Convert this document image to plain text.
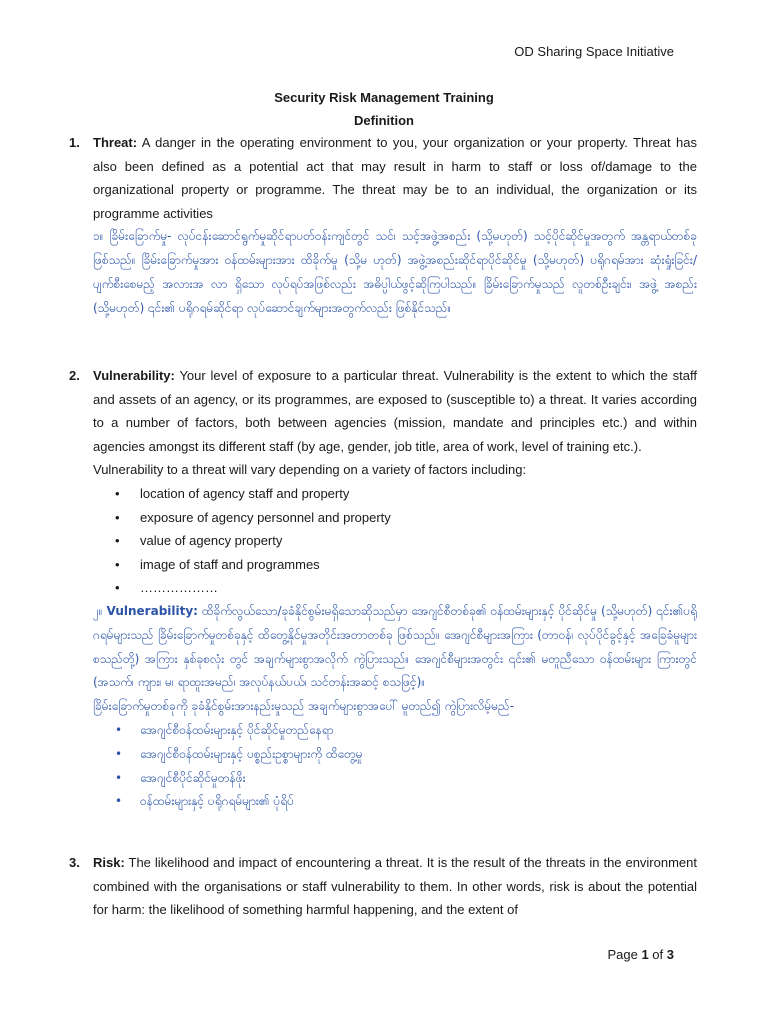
OD Sharing Space Initiative
Security Risk Management Training
Definition
1. Threat: A danger in the operating environment to you, your organization or your property. Threat has also been defined as a potential act that may result in harm to staff or loss of/damage to the organizational property or programme. The threat may be to an individual, the organization or its programme activities
၁။ ခြိမ်းခြောက်မှု- လုပ်ငန်းဆောင်ရွက်မှုဆိုင်ရာပတ်ဝန်းကျင်တွင် သင်၊ သင့်အဖွဲ့အစည်း (သို့မဟုတ်) သင့်ပိုင်ဆိုင်မှုအတွက် အန္တရာယ်တစ်ခုဖြစ်သည်။ ခြိမ်းခြောက်မှုအား ဝန်ထမ်းများအား ထိခိုက်မှု (သို့မ ဟုတ်) အဖွဲ့အစည်းဆိုင်ရာပိုင်ဆိုင်မှု (သို့မဟုတ်) ပရိုဂရမ်အား ဆုံးရှုံးခြင်း/ပျက်စီးစေမည့် အလားအ လာ ရှိသော လုပ်ရပ်အဖြစ်လည်း အဓိပ္ပါယ်ဖွင့်ဆိုကြပါသည်။ ခြိမ်းခြောက်မှုသည် လူတစ်ဦးချင်း၊ အဖွဲ့ အစည်း (သို့မဟုတ်) ၎င်း၏ ပရိုဂရမ်ဆိုင်ရာ လုပ်ဆောင်ချက်များအတွက်လည်း ဖြစ်နိုင်သည်။
2. Vulnerability: Your level of exposure to a particular threat. Vulnerability is the extent to which the staff and assets of an agency, or its programmes, are exposed to (susceptible to) a threat. It varies according to a number of factors, both between agencies (mission, mandate and principles etc.) and within agencies amongst its different staff (by age, gender, job title, area of work, level of training etc.).
Vulnerability to a threat will vary depending on a variety of factors including:
• location of agency staff and property
• exposure of agency personnel and property
• value of agency property
• image of staff and programmes
• ………………
၂။ Vulnerability: ထိခိုက်လွယ်သော/ခုခံနိုင်စွမ်းမရှိသောဆိုသည်မှာ အေဂျင်စီတစ်ခု၏ ဝန်ထမ်းများနှင့် ပိုင်ဆိုင်မှု (သို့မဟုတ်) ၎င်း၏ပရိုဂရမ်များသည် ခြိမ်းခြောက်မှုတစ်ခုနှင့် ထိတွေ့နိုင်မှုအတိုင်းအတာတစ်ခု ဖြစ်သည်။ အေဂျင်စီများအကြား (တာဝန်၊ လုပ်ပိုင်ခွင့်နှင့် အခြေခံမူများ စသည်တို့) အကြား နှစ်ခုစလုံး တွင် အချက်များစွာအလိုက် ကွဲပြားသည်။ အေဂျင်စီများအတွင်း ၎င်း၏ မတူညီသော ဝန်ထမ်းများ ကြားတွင် (အသက်၊ ကျား၊ မ၊ ရာထူးအမည်၊ အလုပ်နယ်ပယ်၊ သင်တန်းအဆင့် စသဖြင့်)။
ခြိမ်းခြောက်မှုတစ်ခုကို ခုခံနိုင်စွမ်းအားနည်းမှုသည် အချက်များစွာအပေါ် မူတည်၍ ကွဲပြားလိမ့်မည်-
• အေဂျင်စီဝန်ထမ်းများနှင့် ပိုင်ဆိုင်မှုတည်နေရာ
• အေဂျင်စီဝန်ထမ်းများနှင့် ပစ္စည်းဥစ္စာများကို ထိတွေ့မှု
• အေဂျင်စီပိုင်ဆိုင်မှုတန်ဖိုး
• ဝန်ထမ်းများနှင့် ပရိုဂရမ်များ၏ ပုံရိပ်
3. Risk: The likelihood and impact of encountering a threat. It is the result of the threats in the environment combined with the organisations or staff vulnerability to them. In other words, risk is about the potential for harm: the likelihood of something harmful happening, and the extent of
Page 1 of 3
